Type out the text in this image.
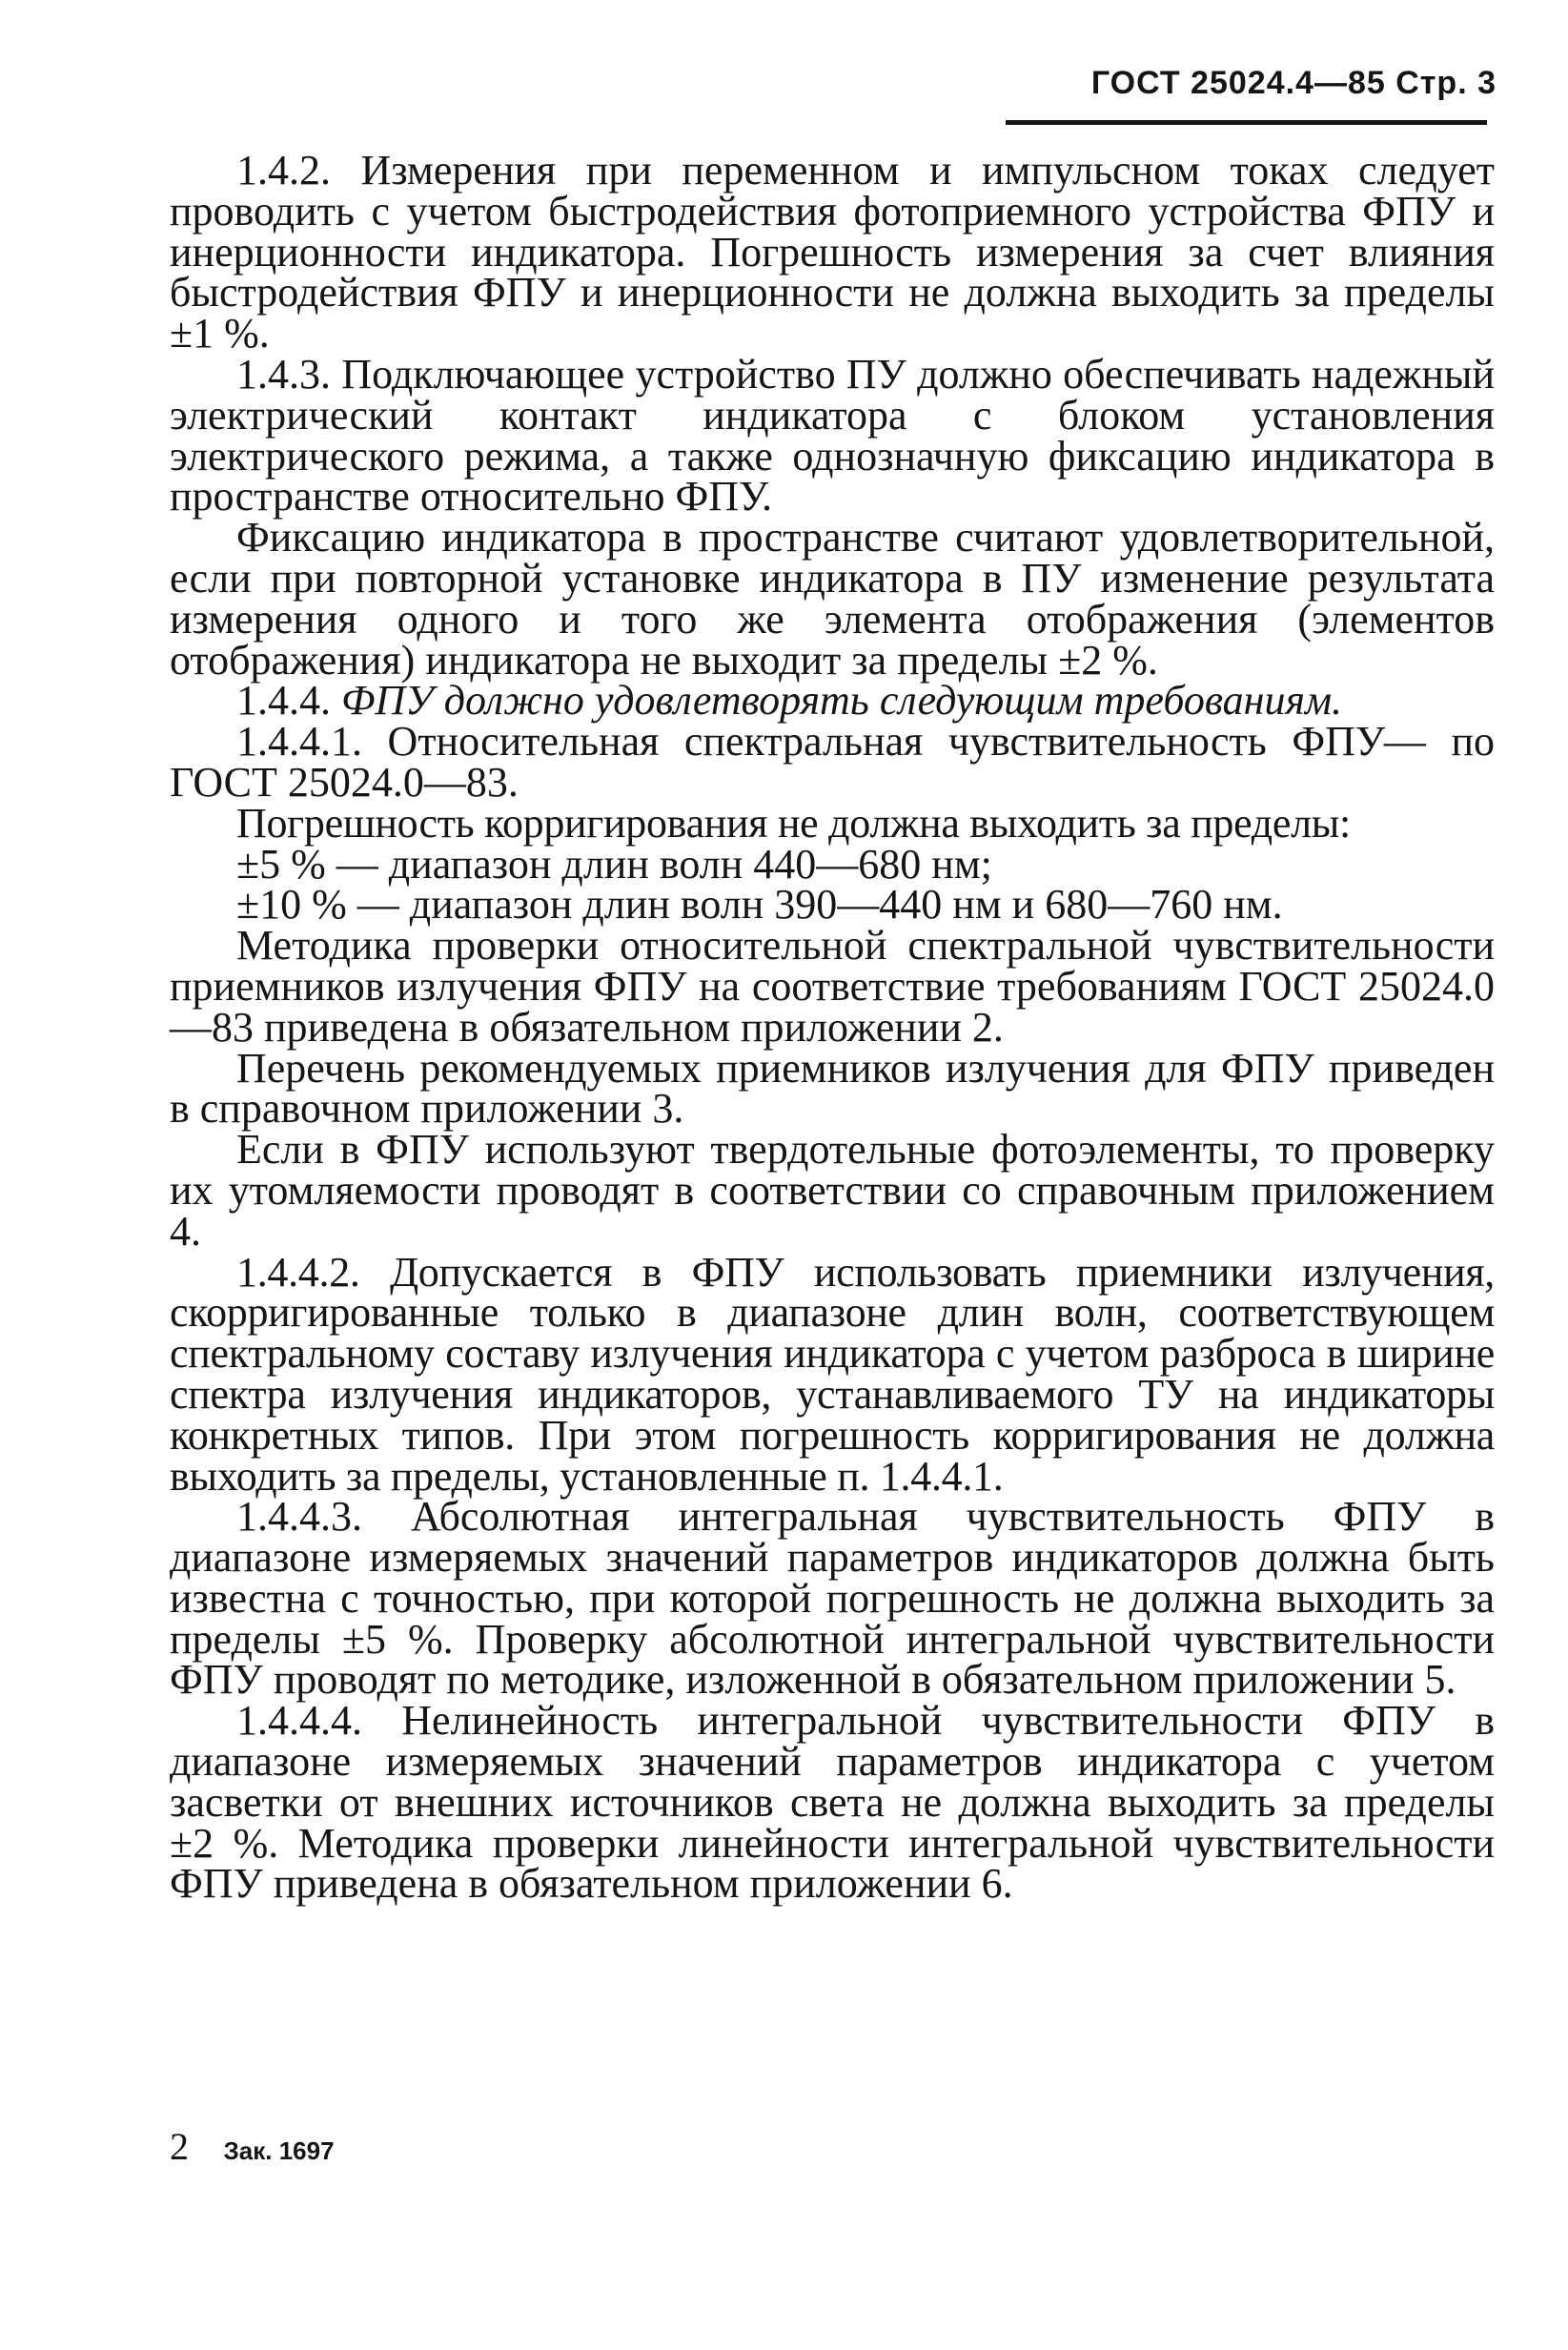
ГОСТ 25024.4—85 Стр. 3

1.4.2. Измерения при переменном и импульсном токах следует проводить с учетом быстродействия фотоприемного устройства ФПУ и инерционности индикатора. Погрешность измерения за счет влияния быстродействия ФПУ и инерционности не должна выходить за пределы ±1 %.

1.4.3. Подключающее устройство ПУ должно обеспечивать надежный электрический контакт индикатора с блоком установления электрического режима, а также однозначную фиксацию индикатора в пространстве относительно ФПУ.

Фиксацию индикатора в пространстве считают удовлетворительной, если при повторной установке индикатора в ПУ изменение результата измерения одного и того же элемента отображения (элементов отображения) индикатора не выходит за пределы ±2 %.

1.4.4. ФПУ должно удовлетворять следующим требованиям.

1.4.4.1. Относительная спектральная чувствительность ФПУ— по ГОСТ 25024.0—83.

Погрешность корригирования не должна выходить за пределы:

±5 % — диапазон длин волн 440—680 нм;

±10 % — диапазон длин волн 390—440 нм и 680—760 нм.

Методика проверки относительной спектральной чувствительности приемников излучения ФПУ на соответствие требованиям ГОСТ 25024.0—83 приведена в обязательном приложении 2.

Перечень рекомендуемых приемников излучения для ФПУ приведен в справочном приложении 3.

Если в ФПУ используют твердотельные фотоэлементы, то проверку их утомляемости проводят в соответствии со справочным приложением 4.

1.4.4.2. Допускается в ФПУ использовать приемники излучения, скорригированные только в диапазоне длин волн, соответствующем спектральному составу излучения индикатора с учетом разброса в ширине спектра излучения индикаторов, устанавливаемого ТУ на индикаторы конкретных типов. При этом погрешность корригирования не должна выходить за пределы, установленные п. 1.4.4.1.

1.4.4.3. Абсолютная интегральная чувствительность ФПУ в диапазоне измеряемых значений параметров индикаторов должна быть известна с точностью, при которой погрешность не должна выходить за пределы ±5 %. Проверку абсолютной интегральной чувствительности ФПУ проводят по методике, изложенной в обязательном приложении 5.

1.4.4.4. Нелинейность интегральной чувствительности ФПУ в диапазоне измеряемых значений параметров индикатора с учетом засветки от внешних источников света не должна выходить за пределы ±2 %. Методика проверки линейности интегральной чувствительности ФПУ приведена в обязательном приложении 6.

2 Зак. 1697
